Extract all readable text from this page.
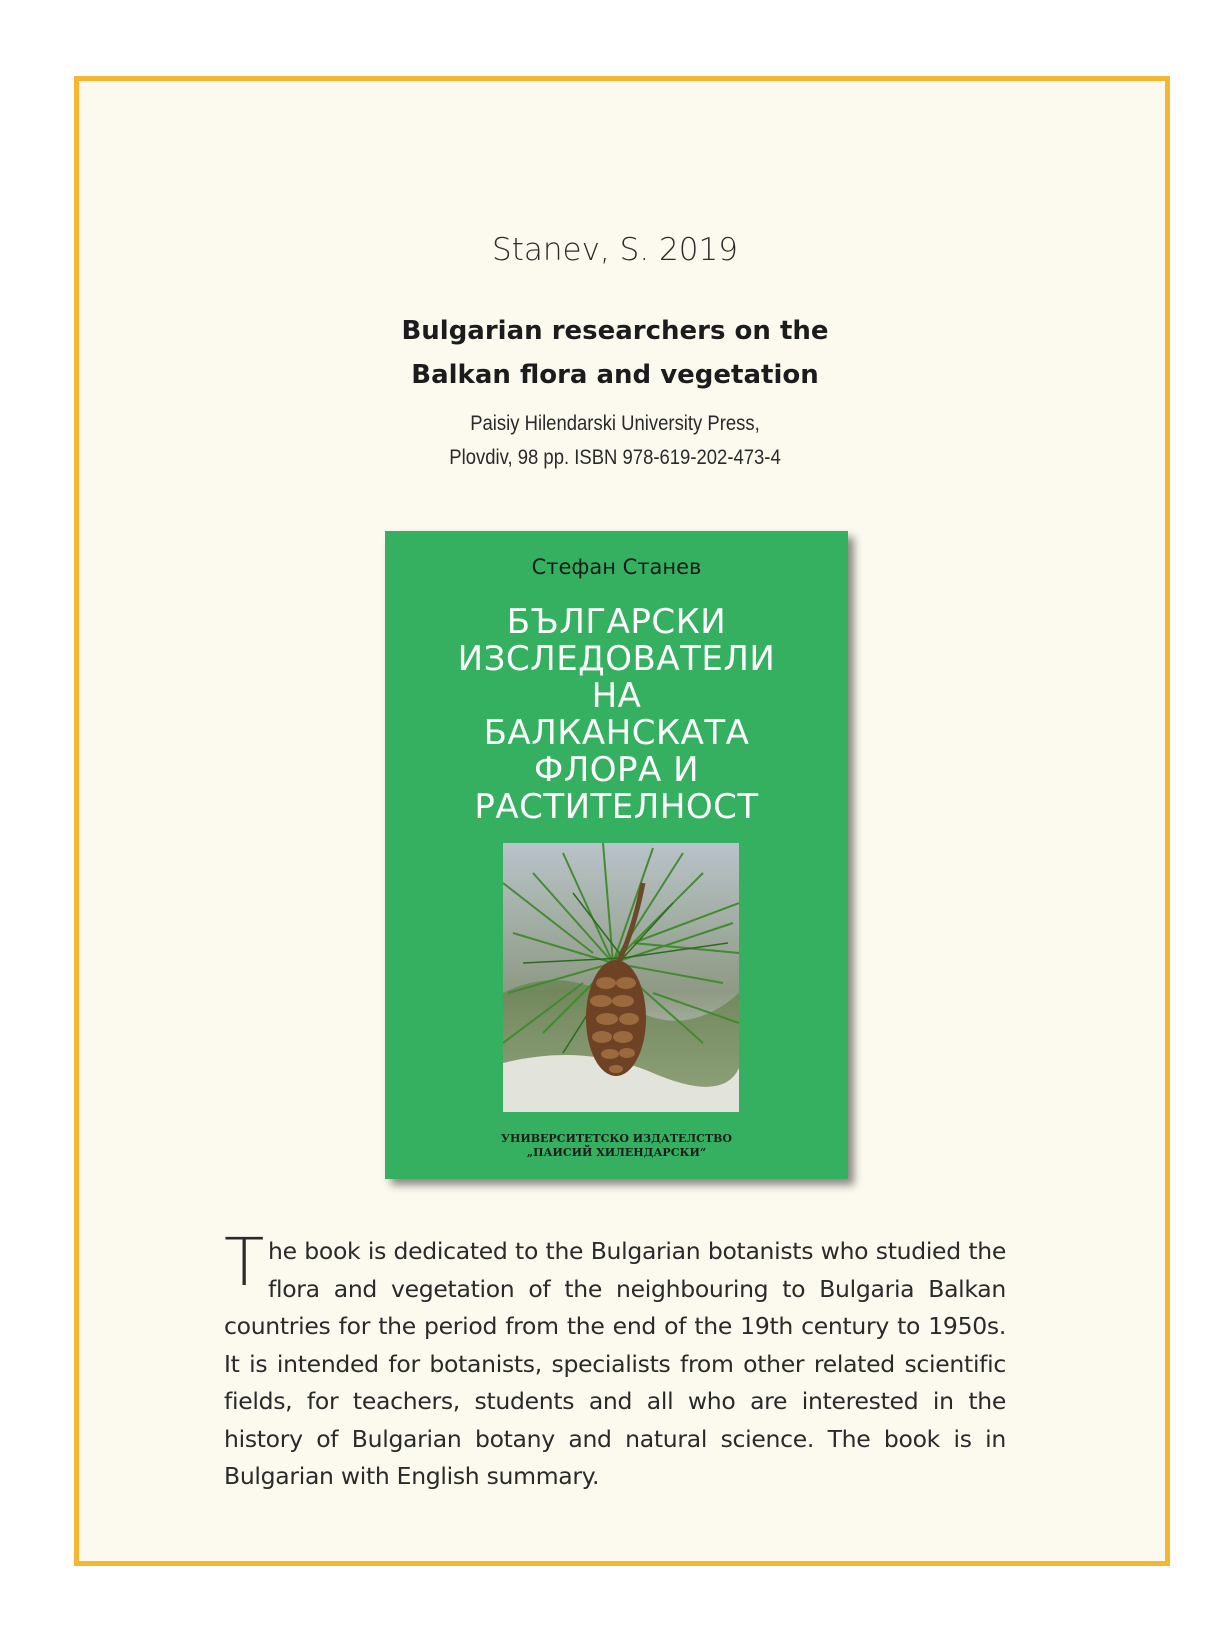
Stanev, S. 2019
Bulgarian researchers on the
Balkan flora and vegetation
Paisiy Hilendarski University Press,
Plovdiv, 98 pp. ISBN 978-619-202-473-4
Стефан Станев
БЪЛГАРСКИ
ИЗСЛЕДОВАТЕЛИ
НА
БАЛКАНСКАТА
ФЛОРА И
РАСТИТЕЛНОСТ
УНИВЕРСИТЕТСКО ИЗДАТЕЛСТВО
„ПАИСИЙ ХИЛЕНДАРСКИ“
The book is dedicated to the Bulgarian botanists who studied the flora and vegetation of the neighbouring to Bulgaria Balkan countries for the period from the end of the 19th century to 1950s. It is intended for botanists, specialists from other related scientific fields, for teachers, students and all who are interested in the history of Bulgarian botany and natural science. The book is in Bulgarian with English summary.
